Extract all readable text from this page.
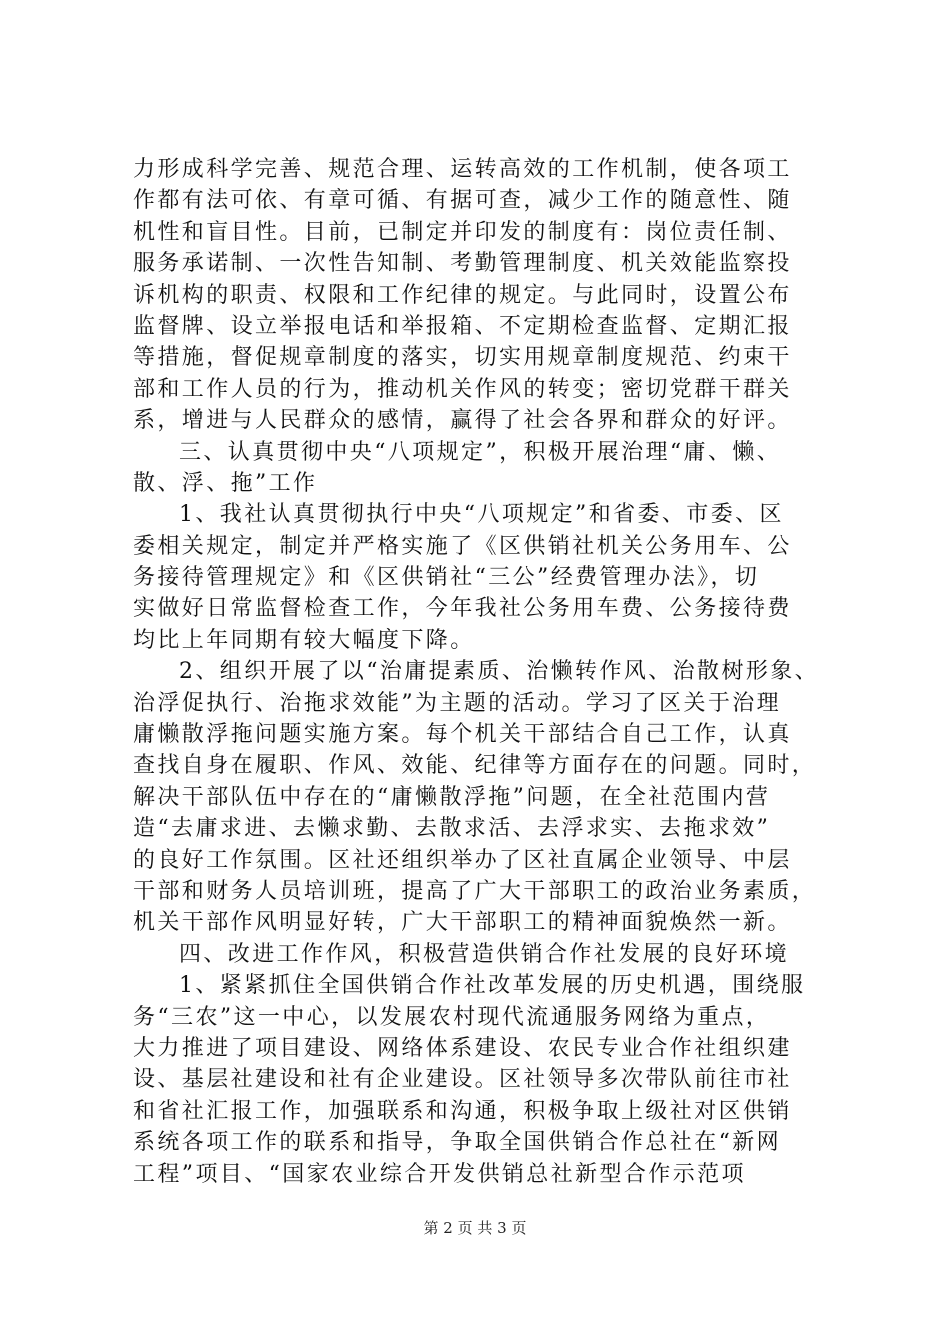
力形成科学完善、规范合理、运转高效的工作机制，使各项工
作都有法可依、有章可循、有据可查，减少工作的随意性、随
机性和盲目性。目前，已制定并印发的制度有：岗位责任制、
服务承诺制、一次性告知制、考勤管理制度、机关效能监察投
诉机构的职责、权限和工作纪律的规定。与此同时，设置公布
监督牌、设立举报电话和举报箱、不定期检查监督、定期汇报
等措施，督促规章制度的落实，切实用规章制度规范、约束干
部和工作人员的行为，推动机关作风的转变；密切党群干群关
系，增进与人民群众的感情，赢得了社会各界和群众的好评。
三、认真贯彻中央“八项规定”，积极开展治理“庸、懒、
散、浮、拖”工作
1、我社认真贯彻执行中央“八项规定”和省委、市委、区
委相关规定，制定并严格实施了《区供销社机关公务用车、公
务接待管理规定》和《区供销社“三公”经费管理办法》，切
实做好日常监督检查工作，今年我社公务用车费、公务接待费
均比上年同期有较大幅度下降。
2、组织开展了以“治庸提素质、治懒转作风、治散树形象、
治浮促执行、治拖求效能”为主题的活动。学习了区关于治理
庸懒散浮拖问题实施方案。每个机关干部结合自己工作，认真
查找自身在履职、作风、效能、纪律等方面存在的问题。同时，
解决干部队伍中存在的“庸懒散浮拖”问题，在全社范围内营
造“去庸求进、去懒求勤、去散求活、去浮求实、去拖求效”
的良好工作氛围。区社还组织举办了区社直属企业领导、中层
干部和财务人员培训班，提高了广大干部职工的政治业务素质，
机关干部作风明显好转，广大干部职工的精神面貌焕然一新。
四、改进工作作风，积极营造供销合作社发展的良好环境
1、紧紧抓住全国供销合作社改革发展的历史机遇，围绕服
务“三农”这一中心，以发展农村现代流通服务网络为重点，
大力推进了项目建设、网络体系建设、农民专业合作社组织建
设、基层社建设和社有企业建设。区社领导多次带队前往市社
和省社汇报工作，加强联系和沟通，积极争取上级社对区供销
系统各项工作的联系和指导，争取全国供销合作总社在“新网
工程”项目、“国家农业综合开发供销总社新型合作示范项
第 2 页 共 3 页
